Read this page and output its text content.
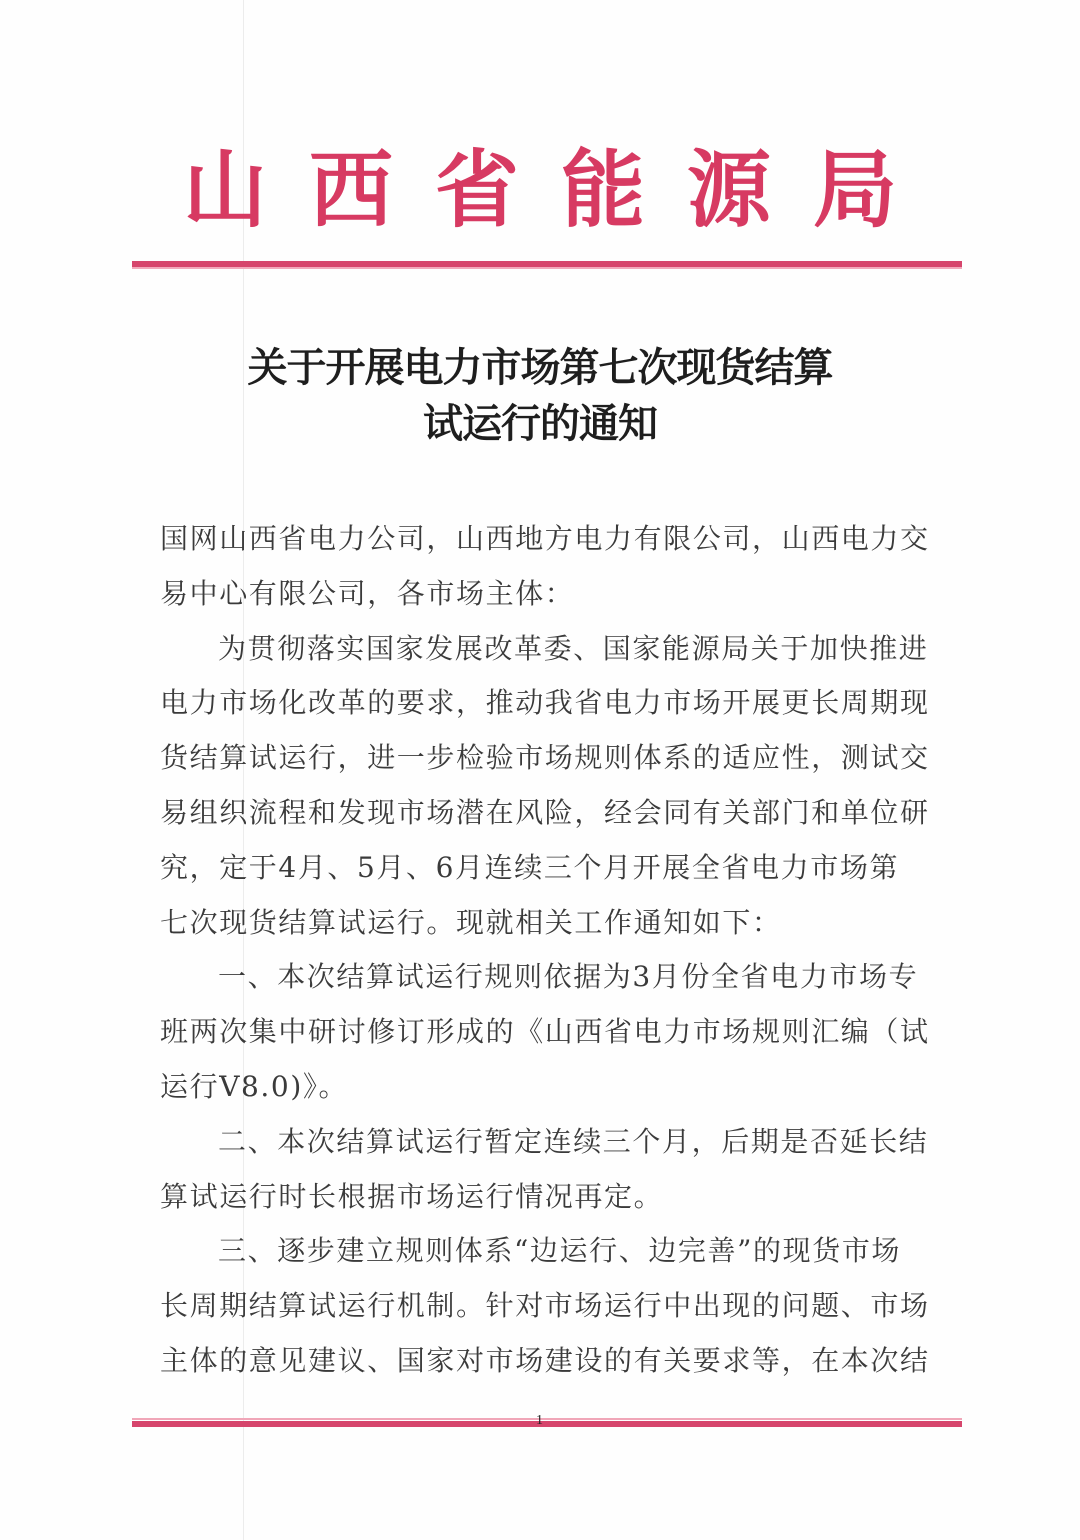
山 西 省 能 源 局
关于开展电力市场第七次现货结算
试运行的通知
国网山西省电力公司，山西地方电力有限公司，山西电力交
易中心有限公司，各市场主体：
为贯彻落实国家发展改革委、国家能源局关于加快推进
电力市场化改革的要求，推动我省电力市场开展更长周期现
货结算试运行，进一步检验市场规则体系的适应性，测试交
易组织流程和发现市场潜在风险，经会同有关部门和单位研
究，定于4月、5月、6月连续三个月开展全省电力市场第
七次现货结算试运行。现就相关工作通知如下：
一、本次结算试运行规则依据为3月份全省电力市场专
班两次集中研讨修订形成的《山西省电力市场规则汇编（试
运行V8.0)》。
二、本次结算试运行暂定连续三个月，后期是否延长结
算试运行时长根据市场运行情况再定。
三、逐步建立规则体系“边运行、边完善”的现货市场
长周期结算试运行机制。针对市场运行中出现的问题、市场
主体的意见建议、国家对市场建设的有关要求等，在本次结
1
